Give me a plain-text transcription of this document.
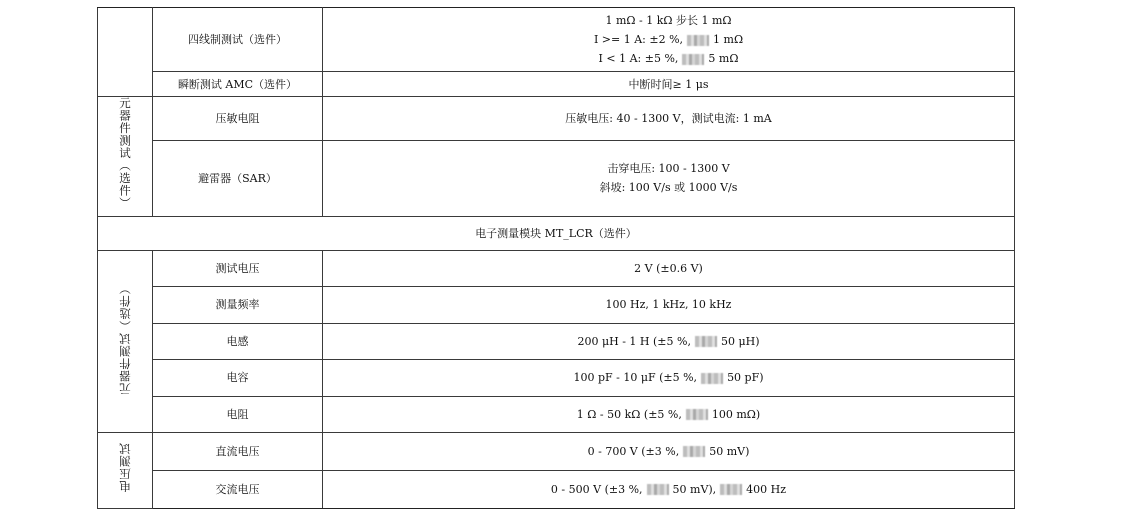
	四线制测试（选件）	1 mΩ - 1 kΩ 步长 1 mΩ
I >= 1 A: ±2 %, 1 mΩ
I < 1 A: ±5 %, 5 mΩ

	瞬断测试 AMC（选件）	中断时间≥ 1 μs
元器件测试（选件）	压敏电阻	压敏电压: 40 - 1300 V，测试电流: 1 mA
	避雷器（SAR）	击穿电压: 100 - 1300 V
斜坡: 100 V/s 或 1000 V/s

电子测量模块 MT_LCR（选件）		
元器件测试（选件）	测试电压	2 V (±0.6 V)
	测量频率	100 Hz, 1 kHz, 10 kHz
	电感	200 μH - 1 H (±5 %, 50 μH)
	电容	100 pF - 10 μF (±5 %, 50 pF)
	电阻	1 Ω - 50 kΩ (±5 %, 100 mΩ)
电压测试	直流电压	0 - 700 V (±3 %, 50 mV)
	交流电压	0 - 500 V (±3 %, 50 mV), 400 Hz
